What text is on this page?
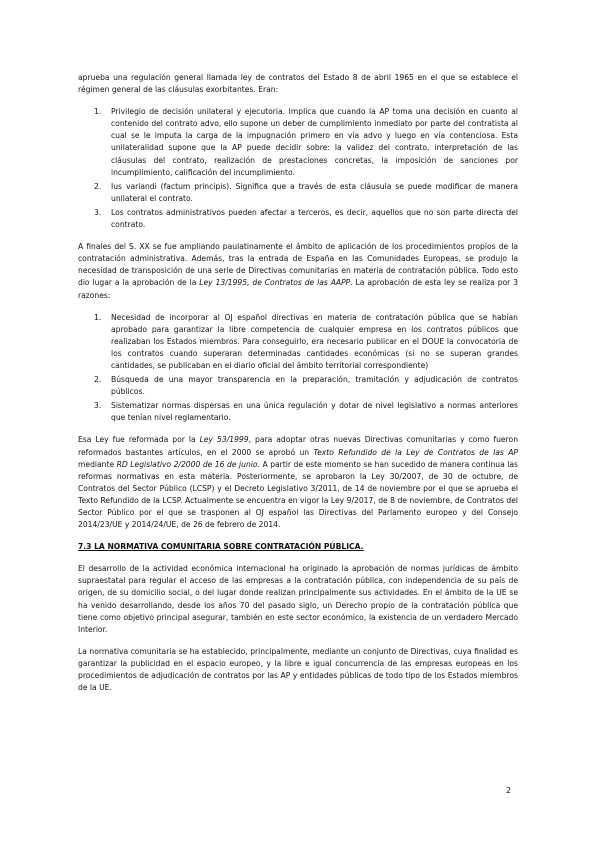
aprueba una regulación general llamada ley de contratos del Estado 8 de abril 1965 en el que se establece el régimen general de las cláusulas exorbitantes. Eran:

1. Privilegio de decisión unilateral y ejecutoria. Implica que cuando la AP toma una decisión en cuanto al contenido del contrato advo, ello supone un deber de cumplimiento inmediato por parte del contratista al cual se le imputa la carga de la impugnación primero en vía advo y luego en vía contenciosa. Esta unilateralidad supone que la AP puede decidir sobre: la validez del contrato, interpretación de las cláusulas del contrato, realización de prestaciones concretas, la imposición de sanciones por incumplimiento, calificación del incumplimiento.
2. Ius variandi (factum principis). Significa que a través de esta cláusula se puede modificar de manera unilateral el contrato.
3. Los contratos administrativos pueden afectar a terceros, es decir, aquellos que no son parte directa del contrato.

A finales del S. XX se fue ampliando paulatinamente el ámbito de aplicación de los procedimientos propios de la contratación administrativa. Además, tras la entrada de España en las Comunidades Europeas, se produjo la necesidad de transposición de una serie de Directivas comunitarias en materia de contratación pública. Todo esto dio lugar a la aprobación de la Ley 13/1995, de Contratos de las AAPP. La aprobación de esta ley se realiza por 3 razones:

1. Necesidad de incorporar al OJ español directivas en materia de contratación pública que se habían aprobado para garantizar la libre competencia de cualquier empresa en los contratos públicos que realizaban los Estados miembros. Para conseguirlo, era necesario publicar en el DOUE la convocatoria de los contratos cuando superaran determinadas cantidades económicas (si no se superan grandes cantidades, se publicaban en el diario oficial del ámbito territorial correspondiente)
2. Búsqueda de una mayor transparencia en la preparación, tramitación y adjudicación de contratos públicos.
3. Sistematizar normas dispersas en una única regulación y dotar de nivel legislativo a normas anteriores que tenían nivel reglamentario.

Esa Ley fue reformada por la Ley 53/1999, para adoptar otras nuevas Directivas comunitarias y como fueron reformados bastantes artículos, en el 2000 se aprobó un Texto Refundido de la Ley de Contratos de las AP mediante RD Legislativo 2/2000 de 16 de junio. A partir de este momento se han sucedido de manera continua las reformas normativas en esta materia. Posteriormente, se aprobaron la Ley 30/2007, de 30 de octubre, de Contratos del Sector Público (LCSP) y el Decreto Legislativo 3/2011, de 14 de noviembre por el que se aprueba el Texto Refundido de la LCSP. Actualmente se encuentra en vigor la Ley 9/2017, de 8 de noviembre, de Contratos del Sector Público por el que se trasponen al OJ español las Directivas del Parlamento europeo y del Consejo 2014/23/UE y 2014/24/UE, de 26 de febrero de 2014.

7.3 LA NORMATIVA COMUNITARIA SOBRE CONTRATACIÓN PÚBLICA.

El desarrollo de la actividad económica internacional ha originado la aprobación de normas jurídicas de ámbito supraestatal para regular el acceso de las empresas a la contratación pública, con independencia de su país de origen, de su domicilio social, o del lugar donde realizan principalmente sus actividades. En el ámbito de la UE se ha venido desarrollando, desde los años 70 del pasado siglo, un Derecho propio de la contratación pública que tiene como objetivo principal asegurar, también en este sector económico, la existencia de un verdadero Mercado Interior.

La normativa comunitaria se ha establecido, principalmente, mediante un conjunto de Directivas, cuya finalidad es garantizar la publicidad en el espacio europeo, y la libre e igual concurrencia de las empresas europeas en los procedimientos de adjudicación de contratos por las AP y entidades públicas de todo tipo de los Estados miembros de la UE.

2
